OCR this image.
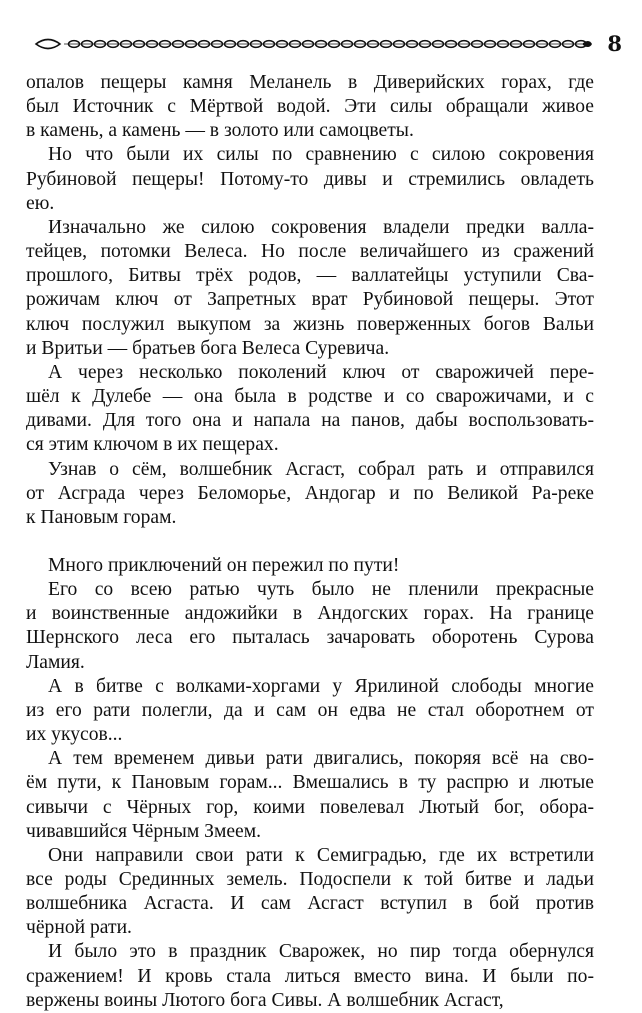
8
опалов пещеры камня Меланель в Диверийских горах, где
был Источник с Мёртвой водой. Эти силы обращали живое
в камень, а камень — в золото или самоцветы.
Но что были их силы по сравнению с силою сокровения
Рубиновой пещеры! Потому-то дивы и стремились овладеть
ею.
Изначально же силою сокровения владели предки валла-
тейцев, потомки Велеса. Но после величайшего из сражений
прошлого, Битвы трёх родов, — валлатейцы уступили Сва-
рожичам ключ от Запретных врат Рубиновой пещеры. Этот
ключ послужил выкупом за жизнь поверженных богов Вальи
и Вритьи — братьев бога Велеса Суревича.
А через несколько поколений ключ от сварожичей пере-
шёл к Дулебе — она была в родстве и со сварожичами, и с
дивами. Для того она и напала на панов, дабы воспользовать-
ся этим ключом в их пещерах.
Узнав о сём, волшебник Асгаст, собрал рать и отправился
от Асграда через Беломорье, Андогар и по Великой Ра-реке
к Пановым горам.
Много приключений он пережил по пути!
Его со всею ратью чуть было не пленили прекрасные
и воинственные андожийки в Андогских горах. На границе
Шернского леса его пыталась зачаровать оборотень Сурова
Ламия.
А в битве с волками-хоргами у Ярилиной слободы многие
из его рати полегли, да и сам он едва не стал оборотнем от
их укусов...
А тем временем дивьи рати двигались, покоряя всё на сво-
ём пути, к Пановым горам... Вмешались в ту распрю и лютые
сивычи с Чёрных гор, коими повелевал Лютый бог, обора-
чивавшийся Чёрным Змеем.
Они направили свои рати к Семиградью, где их встретили
все роды Срединных земель. Подоспели к той битве и ладьи
волшебника Асгаста. И сам Асгаст вступил в бой против
чёрной рати.
И было это в праздник Сварожек, но пир тогда обернулся
сражением! И кровь стала литься вместо вина. И были по-
вержены воины Лютого бога Сивы. А волшебник Асгаст,
